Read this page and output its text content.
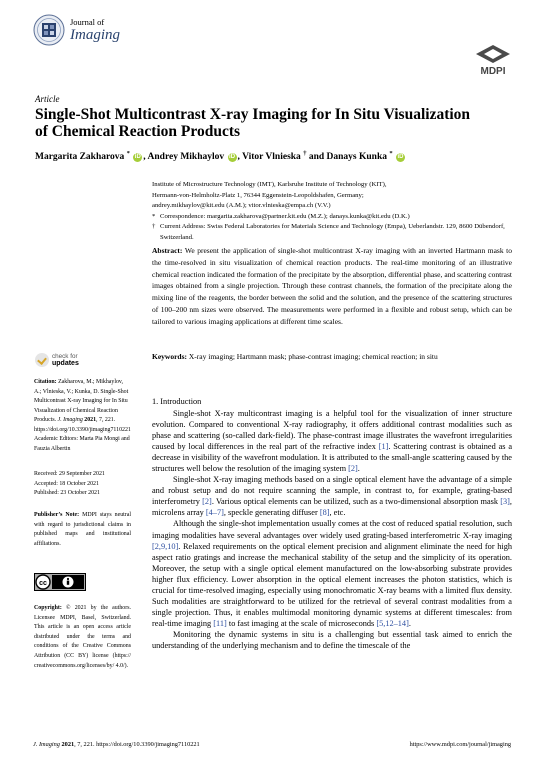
Journal of
Imaging
MDPI
Article
Single-Shot Multicontrast X-ray Imaging for In Situ Visualization of Chemical Reaction Products
Margarita Zakharova * iD , Andrey Mikhaylov iD , Vitor Vlnieska † and Danays Kunka * iD

Institute of Microstructure Technology (IMT), Karlsruhe Institute of Technology (KIT),

Hermann-von-Helmholtz-Platz 1, 76344 Eggenstein-Leopoldshafen, Germany;

andrey.mikhaylov@kit.edu (A.M.); vitor.vlnieska@empa.ch (V.V.)

* Correspondence: margarita.zakharova@partner.kit.edu (M.Z.); danays.kunka@kit.edu (D.K.)

† Current Address: Swiss Federal Laboratories for Materials Science and Technology (Empa), Ueberlandstr. 129, 8600 Dübendorf, Switzerland.

Abstract: We present the application of single-shot multicontrast X-ray imaging with an inverted Hartmann mask to the time-resolved in situ visualization of chemical reaction products. The real-time monitoring of an illustrative chemical reaction indicated the formation of the precipitate by the absorption, differential phase, and scattering contrast images obtained from a single projection. Through these contrast channels, the formation of the precipitate along the mixing line of the reagents, the border between the solid and the solution, and the presence of the scattering structures of 100–200 nm sizes were observed. The measurements were performed in a flexible and robust setup, which can be tailored to various imaging applications at different time scales.

Keywords: X-ray imaging; Hartmann mask; phase-contrast imaging; chemical reaction; in situ

check for
updates
Citation: Zakharova, M.; Mikhaylov, A.; Vlnieska, V.; Kunka, D. Single-Shot Multicontrast X-ray Imaging for In Situ Visualization of Chemical Reaction Products. J. Imaging 2021, 7, 221. https://doi.org/10.3390/jimaging7110221
Academic Editors: Marta Pia Mongi and Fauzia Albertin

Received: 29 September 2021

Accepted: 18 October 2021

Published: 23 October 2021

Publisher’s Note: MDPI stays neutral with regard to jurisdictional claims in published maps and institutional affiliations.
cc
Copyright: © 2021 by the authors. Licensee MDPI, Basel, Switzerland. This article is an open access article distributed under the terms and conditions of the Creative Commons Attribution (CC BY) license (https:// creativecommons.org/licenses/by/ 4.0/).
1. Introduction

Single-shot X-ray multicontrast imaging is a helpful tool for the visualization of inner structure evolution. Compared to conventional X-ray radiography, it offers additional contrast modalities such as phase and scattering (so-called dark-field). The phase-contrast image illustrates the wavefront irregularities caused by local differences in the real part of the refractive index [1]. Scattering contrast is obtained as a decrease in visibility of the wavefront modulation. It is attributed to the small-angle scattering caused by the structures well below the resolution of the imaging system [2].

Single-shot X-ray imaging methods based on a single optical element have the advantage of a simple and robust setup and do not require scanning the sample, in contrast to, for example, grating-based interferometry [2]. Various optical elements can be utilized, such as a two-dimensional absorption mask [3], microlens array [4–7], speckle generating diffuser [8], etc.

Although the single-shot implementation usually comes at the cost of reduced spatial resolution, such imaging modalities have several advantages over widely used grating-based interferometric X-ray imaging [2,9,10]. Relaxed requirements on the optical element precision and alignment eliminate the need for high aspect ratio gratings and increase the mechanical stability of the setup and the simplicity of its operation. Moreover, the setup with a single optical element manufactured on the low-absorbing substrate provides higher flux efficiency. Lower absorption in the optical element increases the photon statistics, which is crucial for time-resolved imaging, especially using monochromatic X-ray beams with a limited flux density. Such modalities are straightforward to be utilized for the retrieval of several contrast modalities from a single projection. Thus, it enables multimodal monitoring dynamic systems at different timescales: from real-time imaging [11] to fast imaging at the scale of microseconds [5,12–14].

Monitoring the dynamic systems in situ is a challenging but essential task aimed to enrich the understanding of the underlying mechanism and to define the timescale of the

J. Imaging 2021, 7, 221. https://doi.org/10.3390/jimaging7110221	https://www.mdpi.com/journal/jimaging
